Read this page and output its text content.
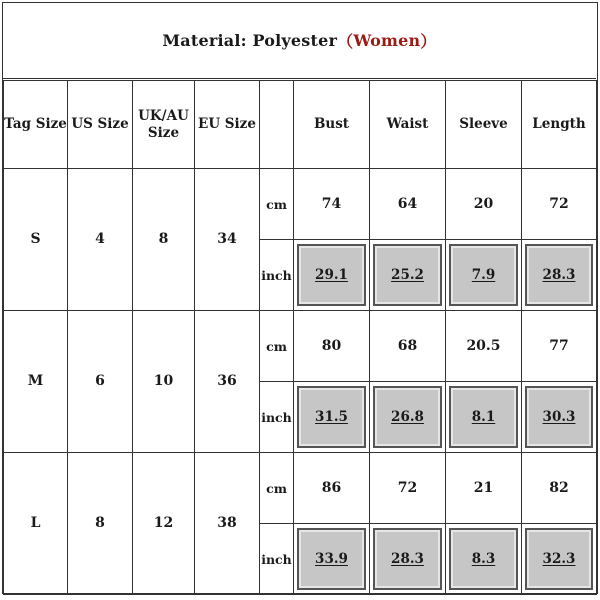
Material: Polyester （ Women ）
Tag Size	US Size	UK/AU Size	EU Size		Bust	Waist	Sleeve	Length
S	4	8	34	cm	74	64	20	72
				inch	29.1	25.2	7.9	28.3

M	6	10	36	cm	80	68	20.5	77
				inch	31.5	26.8	8.1	30.3

L	8	12	38	cm	86	72	21	82
				inch	33.9	28.3	8.3	32.3
